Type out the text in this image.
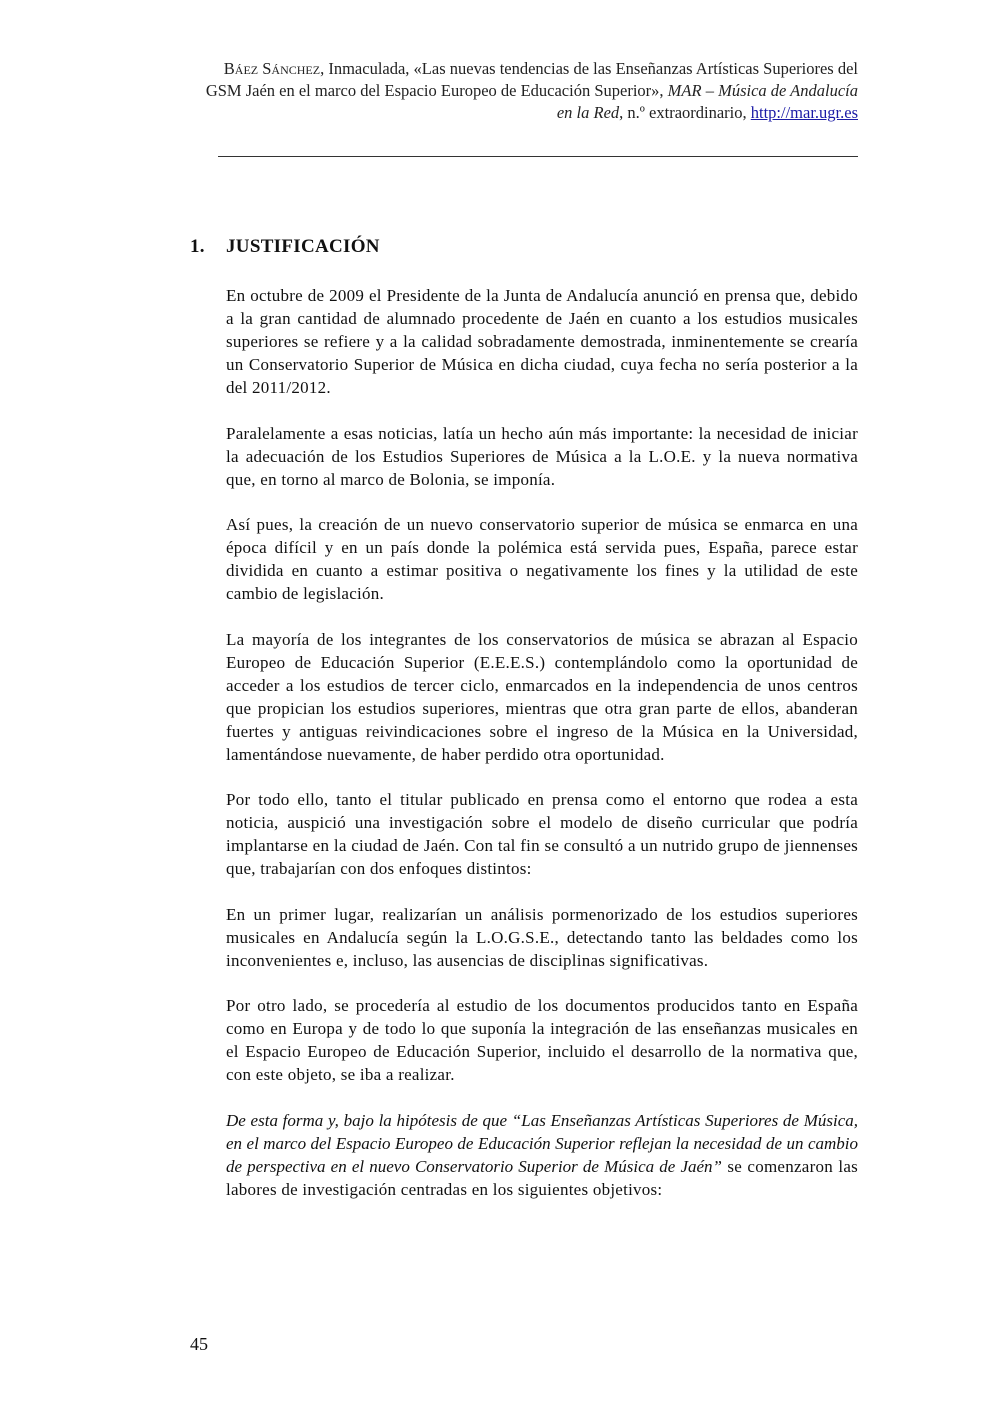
Báez Sánchez, Inmaculada, «Las nuevas tendencias de las Enseñanzas Artísticas Superiores del GSM Jaén en el marco del Espacio Europeo de Educación Superior», MAR – Música de Andalucía en la Red, n.º extraordinario, http://mar.ugr.es
1. JUSTIFICACIÓN

En octubre de 2009 el Presidente de la Junta de Andalucía anunció en prensa que, debido a la gran cantidad de alumnado procedente de Jaén en cuanto a los estudios musicales superiores se refiere y a la calidad sobradamente demostrada, inminentemente se crearía un Conservatorio Superior de Música en dicha ciudad, cuya fecha no sería posterior a la del 2011/2012.

Paralelamente a esas noticias, latía un hecho aún más importante: la necesidad de iniciar la adecuación de los Estudios Superiores de Música a la L.O.E. y la nueva normativa que, en torno al marco de Bolonia, se imponía.

Así pues, la creación de un nuevo conservatorio superior de música se enmarca en una época difícil y en un país donde la polémica está servida pues, España, parece estar dividida en cuanto a estimar positiva o negativamente los fines y la utilidad de este cambio de legislación.

La mayoría de los integrantes de los conservatorios de música se abrazan al Espacio Europeo de Educación Superior (E.E.E.S.) contemplándolo como la oportunidad de acceder a los estudios de tercer ciclo, enmarcados en la independencia de unos centros que propician los estudios superiores, mientras que otra gran parte de ellos, abanderan fuertes y antiguas reivindicaciones sobre el ingreso de la Música en la Universidad, lamentándose nuevamente, de haber perdido otra oportunidad.

Por todo ello, tanto el titular publicado en prensa como el entorno que rodea a esta noticia, auspició una investigación sobre el modelo de diseño curricular que podría implantarse en la ciudad de Jaén. Con tal fin se consultó a un nutrido grupo de jiennenses que, trabajarían con dos enfoques distintos:

En un primer lugar, realizarían un análisis pormenorizado de los estudios superiores musicales en Andalucía según la L.O.G.S.E., detectando tanto las beldades como los inconvenientes e, incluso, las ausencias de disciplinas significativas.

Por otro lado, se procedería al estudio de los documentos producidos tanto en España como en Europa y de todo lo que suponía la integración de las enseñanzas musicales en el Espacio Europeo de Educación Superior, incluido el desarrollo de la normativa que, con este objeto, se iba a realizar.

De esta forma y, bajo la hipótesis de que “Las Enseñanzas Artísticas Superiores de Música, en el marco del Espacio Europeo de Educación Superior reflejan la necesidad de un cambio de perspectiva en el nuevo Conservatorio Superior de Música de Jaén” se comenzaron las labores de investigación centradas en los siguientes objetivos:

45
